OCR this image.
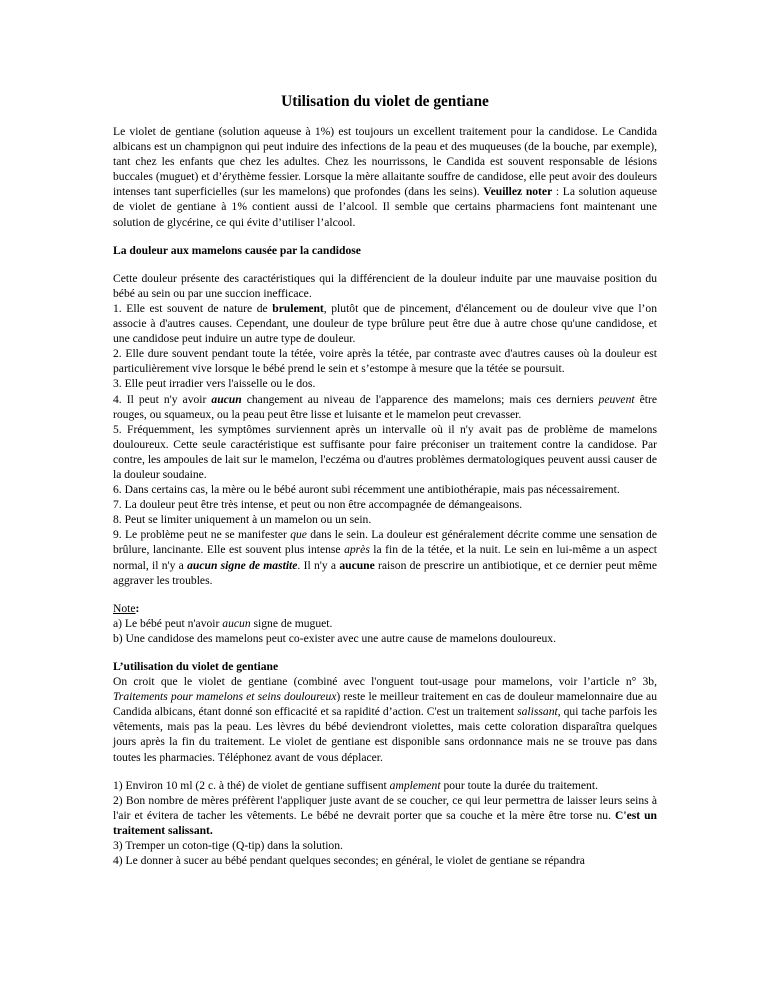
Utilisation du violet de gentiane

Le violet de gentiane (solution aqueuse à 1%) est toujours un excellent traitement pour la candidose. Le Candida albicans est un champignon qui peut induire des infections de la peau et des muqueuses (de la bouche, par exemple), tant chez les enfants que chez les adultes. Chez les nourrissons, le Candida est souvent responsable de lésions buccales (muguet) et d’érythème fessier. Lorsque la mère allaitante souffre de candidose, elle peut avoir des douleurs intenses tant superficielles (sur les mamelons) que profondes (dans les seins). Veuillez noter : La solution aqueuse de violet de gentiane à 1% contient aussi de l’alcool. Il semble que certains pharmaciens font maintenant une solution de glycérine, ce qui évite d’utiliser l’alcool.

La douleur aux mamelons causée par la candidose

Cette douleur présente des caractéristiques qui la différencient de la douleur induite par une mauvaise position du bébé au sein ou par une succion inefficace.
1. Elle est souvent de nature de brulement, plutôt que de pincement, d'élancement ou de douleur vive que l’on associe à d'autres causes. Cependant, une douleur de type brûlure peut être due à autre chose qu'une candidose, et une candidose peut induire un autre type de douleur.
2. Elle dure souvent pendant toute la tétée, voire après la tétée, par contraste avec d'autres causes où la douleur est particulièrement vive lorsque le bébé prend le sein et s’estompe à mesure que la tétée se poursuit.
3. Elle peut irradier vers l'aisselle ou le dos.
4. Il peut n'y avoir aucun changement au niveau de l'apparence des mamelons; mais ces derniers peuvent être rouges, ou squameux, ou la peau peut être lisse et luisante et le mamelon peut crevasser.
5. Fréquemment, les symptômes surviennent après un intervalle où il n'y avait pas de problème de mamelons douloureux. Cette seule caractéristique est suffisante pour faire préconiser un traitement contre la candidose. Par contre, les ampoules de lait sur le mamelon, l'eczéma ou d'autres problèmes dermatologiques peuvent aussi causer de la douleur soudaine.
6. Dans certains cas, la mère ou le bébé auront subi récemment une antibiothérapie, mais pas nécessairement.
7. La douleur peut être très intense, et peut ou non être accompagnée de démangeaisons.
8. Peut se limiter uniquement à un mamelon ou un sein.
9. Le problème peut ne se manifester que dans le sein. La douleur est généralement décrite comme une sensation de brûlure, lancinante. Elle est souvent plus intense après la fin de la tétée, et la nuit. Le sein en lui-même a un aspect normal, il n'y a aucun signe de mastite. Il n'y a aucune raison de prescrire un antibiotique, et ce dernier peut même aggraver les troubles.

Note:
a) Le bébé peut n'avoir aucun signe de muguet.
b) Une candidose des mamelons peut co-exister avec une autre cause de mamelons douloureux.

L’utilisation du violet de gentiane
On croit que le violet de gentiane (combiné avec l'onguent tout-usage pour mamelons, voir l’article n° 3b, Traitements pour mamelons et seins douloureux) reste le meilleur traitement en cas de douleur mamelonnaire due au Candida albicans, étant donné son efficacité et sa rapidité d’action. C'est un traitement salissant, qui tache parfois les vêtements, mais pas la peau. Les lèvres du bébé deviendront violettes, mais cette coloration disparaîtra quelques jours après la fin du traitement. Le violet de gentiane est disponible sans ordonnance mais ne se trouve pas dans toutes les pharmacies. Téléphonez avant de vous déplacer.

1) Environ 10 ml (2 c. à thé) de violet de gentiane suffisent amplement pour toute la durée du traitement.
2) Bon nombre de mères préfèrent l'appliquer juste avant de se coucher, ce qui leur permettra de laisser leurs seins à l'air et évitera de tacher les vêtements. Le bébé ne devrait porter que sa couche et la mère être torse nu. C'est un traitement salissant.
3) Tremper un coton-tige (Q-tip) dans la solution.
4) Le donner à sucer au bébé pendant quelques secondes; en général, le violet de gentiane se répandra
